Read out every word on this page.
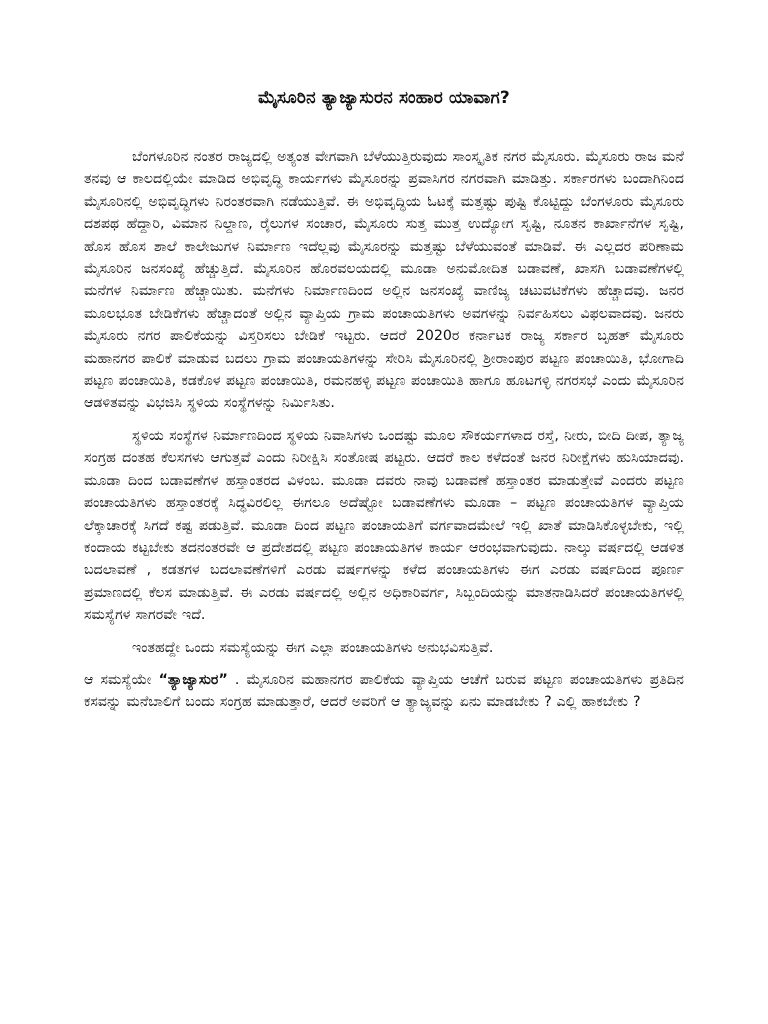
ಮೈಸೂರಿನ ತ್ಯಾಜ್ಯಾಸುರನ ಸಂಹಾರ ಯಾವಾಗ?

ಬೆಂಗಳೂರಿನ ನಂತರ ರಾಜ್ಯದಲ್ಲಿ ಅತ್ಯಂತ ವೇಗವಾಗಿ ಬೆಳೆಯುತ್ತಿರುವುದು ಸಾಂಸ್ಕೃತಿಕ ನಗರ ಮೈಸೂರು. ಮೈಸೂರು ರಾಜ ಮನೆ ತನವು ಆ ಕಾಲದಲ್ಲಿಯೇ ಮಾಡಿದ ಅಭಿವೃದ್ಧಿ ಕಾರ್ಯಗಳು ಮೈಸೂರನ್ನು ಪ್ರವಾಸಿಗರ ನಗರವಾಗಿ ಮಾಡಿತ್ತು. ಸರ್ಕಾರಗಳು ಬಂದಾಗಿನಿಂದ ಮೈಸೂರಿನಲ್ಲಿ ಅಭಿವೃದ್ಧಿಗಳು ನಿರಂತರವಾಗಿ ನಡೆಯುತ್ತಿವೆ. ಈ ಅಭಿವೃದ್ಧಿಯ ಓಟಕ್ಕೆ ಮತ್ತಷ್ಟು ಪುಷ್ಟಿ ಕೊಟ್ಟಿದ್ದು ಬೆಂಗಳೂರು ಮೈಸೂರು ದಶಪಥ ಹೆದ್ದಾರಿ, ವಿಮಾನ ನಿಲ್ದಾಣ, ರೈಲುಗಳ ಸಂಚಾರ, ಮೈಸೂರು ಸುತ್ತ ಮುತ್ತ ಉದ್ಯೋಗ ಸೃಷ್ಟಿ, ನೂತನ ಕಾರ್ಖಾನೆಗಳ ಸೃಷ್ಟಿ, ಹೊಸ ಹೊಸ ಶಾಲೆ ಕಾಲೇಜುಗಳ ನಿರ್ಮಾಣ ಇದೆಲ್ಲವು ಮೈಸೂರನ್ನು ಮತ್ತಷ್ಟು ಬೆಳೆಯುವಂತೆ ಮಾಡಿವೆ. ಈ ಎಲ್ಲದರ ಪರಿಣಾಮ ಮೈಸೂರಿನ ಜನಸಂಖ್ಯೆ ಹೆಚ್ಚುತ್ತಿದೆ. ಮೈಸೂರಿನ ಹೊರವಲಯದಲ್ಲಿ ಮೂಡಾ ಅನುಮೋದಿತ ಬಡಾವಣೆ, ಖಾಸಗಿ ಬಡಾವಣೆಗಳಲ್ಲಿ ಮನೆಗಳ ನಿರ್ಮಾಣ ಹೆಚ್ಚಾಯಿತು. ಮನೆಗಳು ನಿರ್ಮಾಣದಿಂದ ಅಲ್ಲಿನ ಜನಸಂಖ್ಯೆ ವಾಣಿಜ್ಯ ಚಟುವಟಿಕೆಗಳು ಹೆಚ್ಚಾದವು. ಜನರ ಮೂಲಭೂತ ಬೇಡಿಕೆಗಳು ಹೆಚ್ಚಾದಂತೆ ಅಲ್ಲಿನ ವ್ಯಾಪ್ತಿಯ ಗ್ರಾಮ ಪಂಚಾಯತಿಗಳು ಅವಗಳನ್ನು ನಿರ್ವಹಿಸಲು ವಿಫಲವಾದವು. ಜನರು ಮೈಸೂರು ನಗರ ಪಾಲಿಕೆಯನ್ನು ವಿಸ್ತರಿಸಲು ಬೇಡಿಕೆ ಇಟ್ಟರು. ಆದರೆ 2020ರ ಕರ್ನಾಟಕ ರಾಜ್ಯ ಸರ್ಕಾರ ಬೃಹತ್ ಮೈಸೂರು ಮಹಾನಗರ ಪಾಲಿಕೆ ಮಾಡುವ ಬದಲು ಗ್ರಾಮ ಪಂಚಾಯತಿಗಳನ್ನು ಸೇರಿಸಿ ಮೈಸೂರಿನಲ್ಲಿ ಶ್ರೀರಾಂಪುರ ಪಟ್ಟಣ ಪಂಚಾಯಿತಿ, ಭೋಗಾದಿ ಪಟ್ಟಣ ಪಂಚಾಯಿತಿ, ಕಡಕೊಳ ಪಟ್ಟಣ ಪಂಚಾಯಿತಿ, ರಮನಹಳ್ಳಿ ಪಟ್ಟಣ ಪಂಚಾಯಿತಿ ಹಾಗೂ ಹೂಟಗಳ್ಳಿ ನಗರಸಭೆ ಎಂದು ಮೈಸೂರಿನ ಆಡಳಿತವನ್ನು ವಿಭಜಿಸಿ ಸ್ಥಳಿಯ ಸಂಸ್ಥೆಗಳನ್ನು ನಿರ್ಮಿಸಿತು.

ಸ್ಥಳಿಯ ಸಂಸ್ಥೆಗಳ ನಿರ್ಮಾಣದಿಂದ ಸ್ಥಳಿಯ ನಿವಾಸಿಗಳು ಒಂದಷ್ಟು ಮೂಲ ಸೌಕರ್ಯಗಳಾದ ರಸ್ತೆ, ನೀರು, ಬೀದಿ ದೀಪ, ತ್ಯಾಜ್ಯ ಸಂಗ್ರಹ ದಂತಹ ಕೆಲಸಗಳು ಆಗುತ್ತವೆ ಎಂದು ನಿರೀಕ್ಷಿಸಿ ಸಂತೋಷ ಪಟ್ಟರು. ಆದರೆ ಕಾಲ ಕಳೆದಂತೆ ಜನರ ನಿರೀಕ್ಷೆಗಳು ಹುಸಿಯಾದವು. ಮೂಡಾ ದಿಂದ ಬಡಾವಣೆಗಳ ಹಸ್ತಾಂತರದ ವಿಳಂಬ. ಮೂಡಾ ದವರು ನಾವು ಬಡಾವಣೆ ಹಸ್ತಾಂತರ ಮಾಡುತ್ತೇವೆ ಎಂದರು ಪಟ್ಟಣ ಪಂಚಾಯತಿಗಳು ಹಸ್ತಾಂತರಕ್ಕೆ ಸಿದ್ಧವಿರಲಿಲ್ಲ ಈಗಲೂ ಅದೆಷ್ಟೋ ಬಡಾವಣೆಗಳು ಮೂಡಾ – ಪಟ್ಟಣ ಪಂಚಾಯತಿಗಳ ವ್ಯಾಪ್ತಿಯ ಲೆಕ್ಕಾಚಾರಕ್ಕೆ ಸಿಗದೆ ಕಷ್ಟ ಪಡುತ್ತಿವೆ. ಮೂಡಾ ದಿಂದ ಪಟ್ಟಣ ಪಂಚಾಯತಿಗೆ ವರ್ಗವಾದಮೇಲೆ ಇಲ್ಲಿ ಖಾತೆ ಮಾಡಿಸಿಕೊಳ್ಳಬೇಕು, ಇಲ್ಲಿ ಕಂದಾಯ ಕಟ್ಟಬೇಕು ತದನಂತರವೇ ಆ ಪ್ರದೇಶದಲ್ಲಿ ಪಟ್ಟಣ ಪಂಚಾಯತಿಗಳ ಕಾರ್ಯ ಆರಂಭವಾಗುವುದು. ನಾಲ್ಕು ವರ್ಷದಲ್ಲಿ ಆಡಳಿತ ಬದಲಾವಣೆ , ಕಡತಗಳ ಬದಲಾವಣೆಗಳಿಗೆ ಎರಡು ವರ್ಷಗಳನ್ನು ಕಳೆದ ಪಂಚಾಯತಿಗಳು ಈಗ ಎರಡು ವರ್ಷದಿಂದ ಪೂರ್ಣ ಪ್ರಮಾಣದಲ್ಲಿ ಕೆಲಸ ಮಾಡುತ್ತಿವೆ. ಈ ಎರಡು ವರ್ಷದಲ್ಲಿ ಅಲ್ಲಿನ ಅಧಿಕಾರಿವರ್ಗ, ಸಿಬ್ಬಂದಿಯನ್ನು ಮಾತನಾಡಿಸಿದರೆ ಪಂಚಾಯತಿಗಳಲ್ಲಿ ಸಮಸ್ಯೆಗಳ ಸಾಗರವೇ ಇದೆ.

ಇಂತಹದ್ದೇ ಒಂದು ಸಮಸ್ಯೆಯನ್ನು ಈಗ ಎಲ್ಲಾ ಪಂಚಾಯತಿಗಳು ಅನುಭವಿಸುತ್ತಿವೆ.

ಆ ಸಮಸ್ಯೆಯೇ “ತ್ಯಾಜ್ಯಾಸುರ” . ಮೈಸೂರಿನ ಮಹಾನಗರ ಪಾಲಿಕೆಯ ವ್ಯಾಪ್ತಿಯ ಆಚೆಗೆ ಬರುವ ಪಟ್ಟಣ ಪಂಚಾಯತಿಗಳು ಪ್ರತಿದಿನ ಕಸವನ್ನು ಮನೆಬಾಲಿಗೆ ಬಂದು ಸಂಗ್ರಹ ಮಾಡುತ್ತಾರೆ, ಆದರೆ ಅವರಿಗೆ ಆ ತ್ಯಾಜ್ಯವನ್ನು ಏನು ಮಾಡಬೇಕು ? ಎಲ್ಲಿ ಹಾಕಬೇಕು ?
